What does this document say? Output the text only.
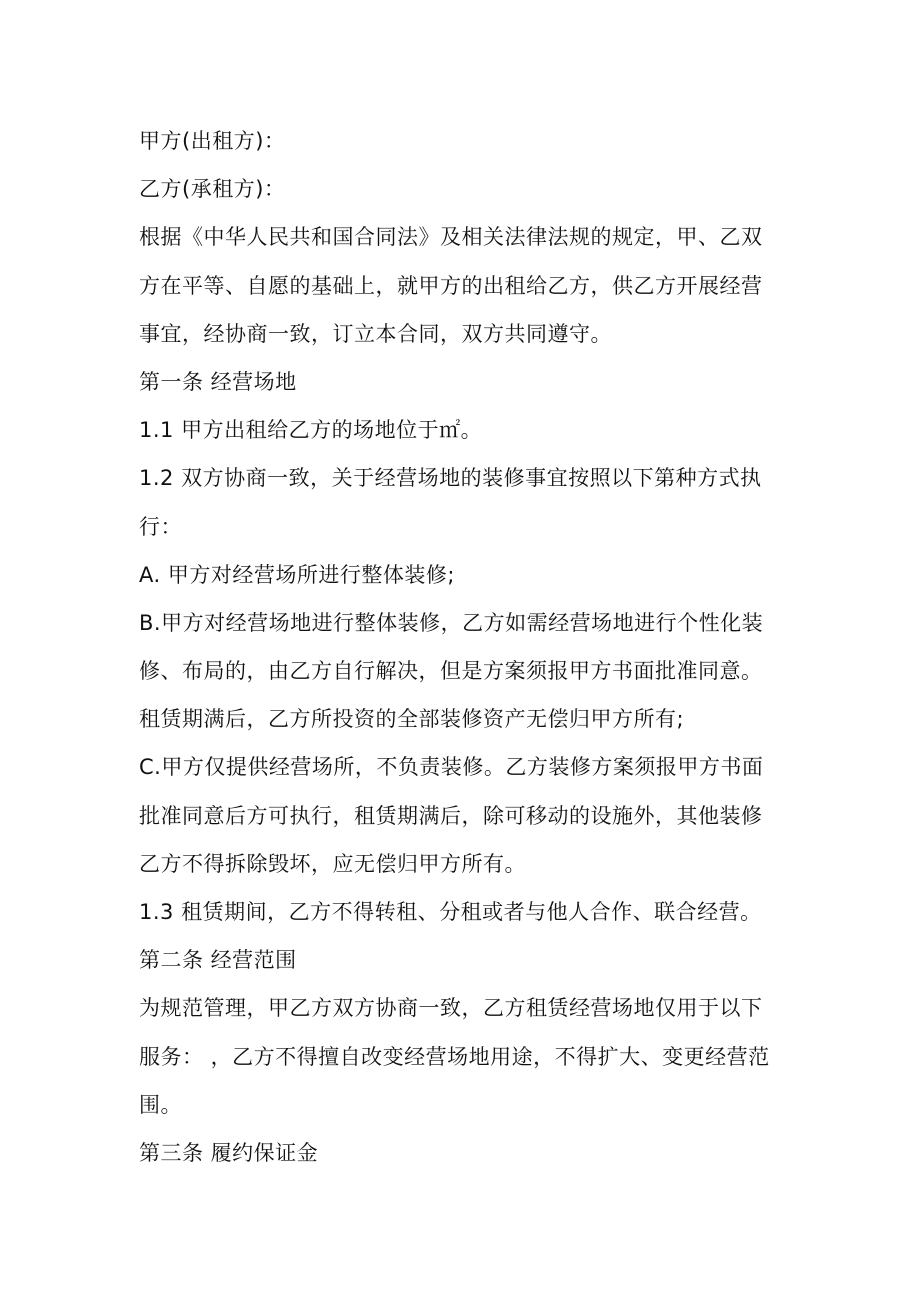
甲方(出租方)：
乙方(承租方)：
根据《中华人民共和国合同法》及相关法律法规的规定，甲、乙双
方在平等、自愿的基础上，就甲方的出租给乙方，供乙方开展经营
事宜，经协商一致，订立本合同，双方共同遵守。
第一条 经营场地
1.1 甲方出租给乙方的场地位于㎡。
1.2 双方协商一致，关于经营场地的装修事宜按照以下第种方式执
行：
A. 甲方对经营场所进行整体装修;
B.甲方对经营场地进行整体装修，乙方如需经营场地进行个性化装
修、布局的，由乙方自行解决，但是方案须报甲方书面批准同意。
租赁期满后，乙方所投资的全部装修资产无偿归甲方所有;
C.甲方仅提供经营场所，不负责装修。乙方装修方案须报甲方书面
批准同意后方可执行，租赁期满后，除可移动的设施外，其他装修
乙方不得拆除毁坏，应无偿归甲方所有。
1.3 租赁期间，乙方不得转租、分租或者与他人合作、联合经营。
第二条 经营范围
为规范管理，甲乙方双方协商一致，乙方租赁经营场地仅用于以下
服务： ，乙方不得擅自改变经营场地用途，不得扩大、变更经营范
围。
第三条 履约保证金
